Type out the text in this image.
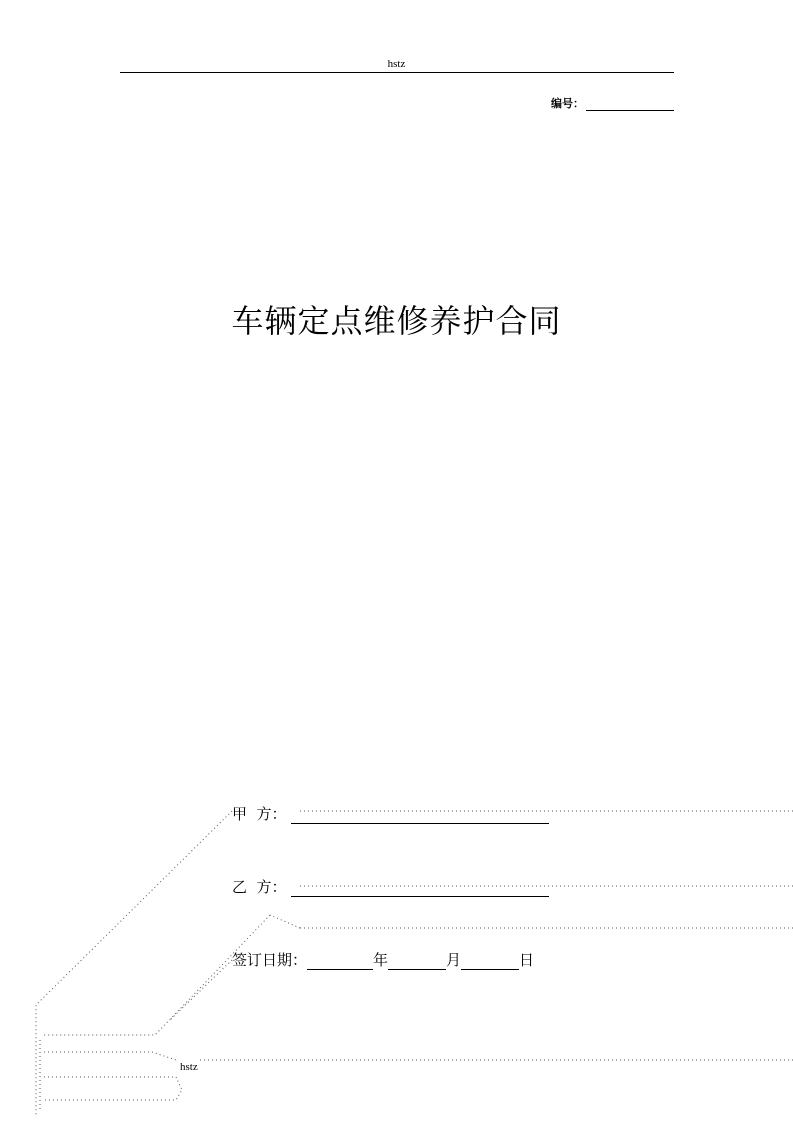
hstz
编号：
车辆定点维修养护合同
甲  方：
乙  方：
签订日期：	年	月	日
hstz
